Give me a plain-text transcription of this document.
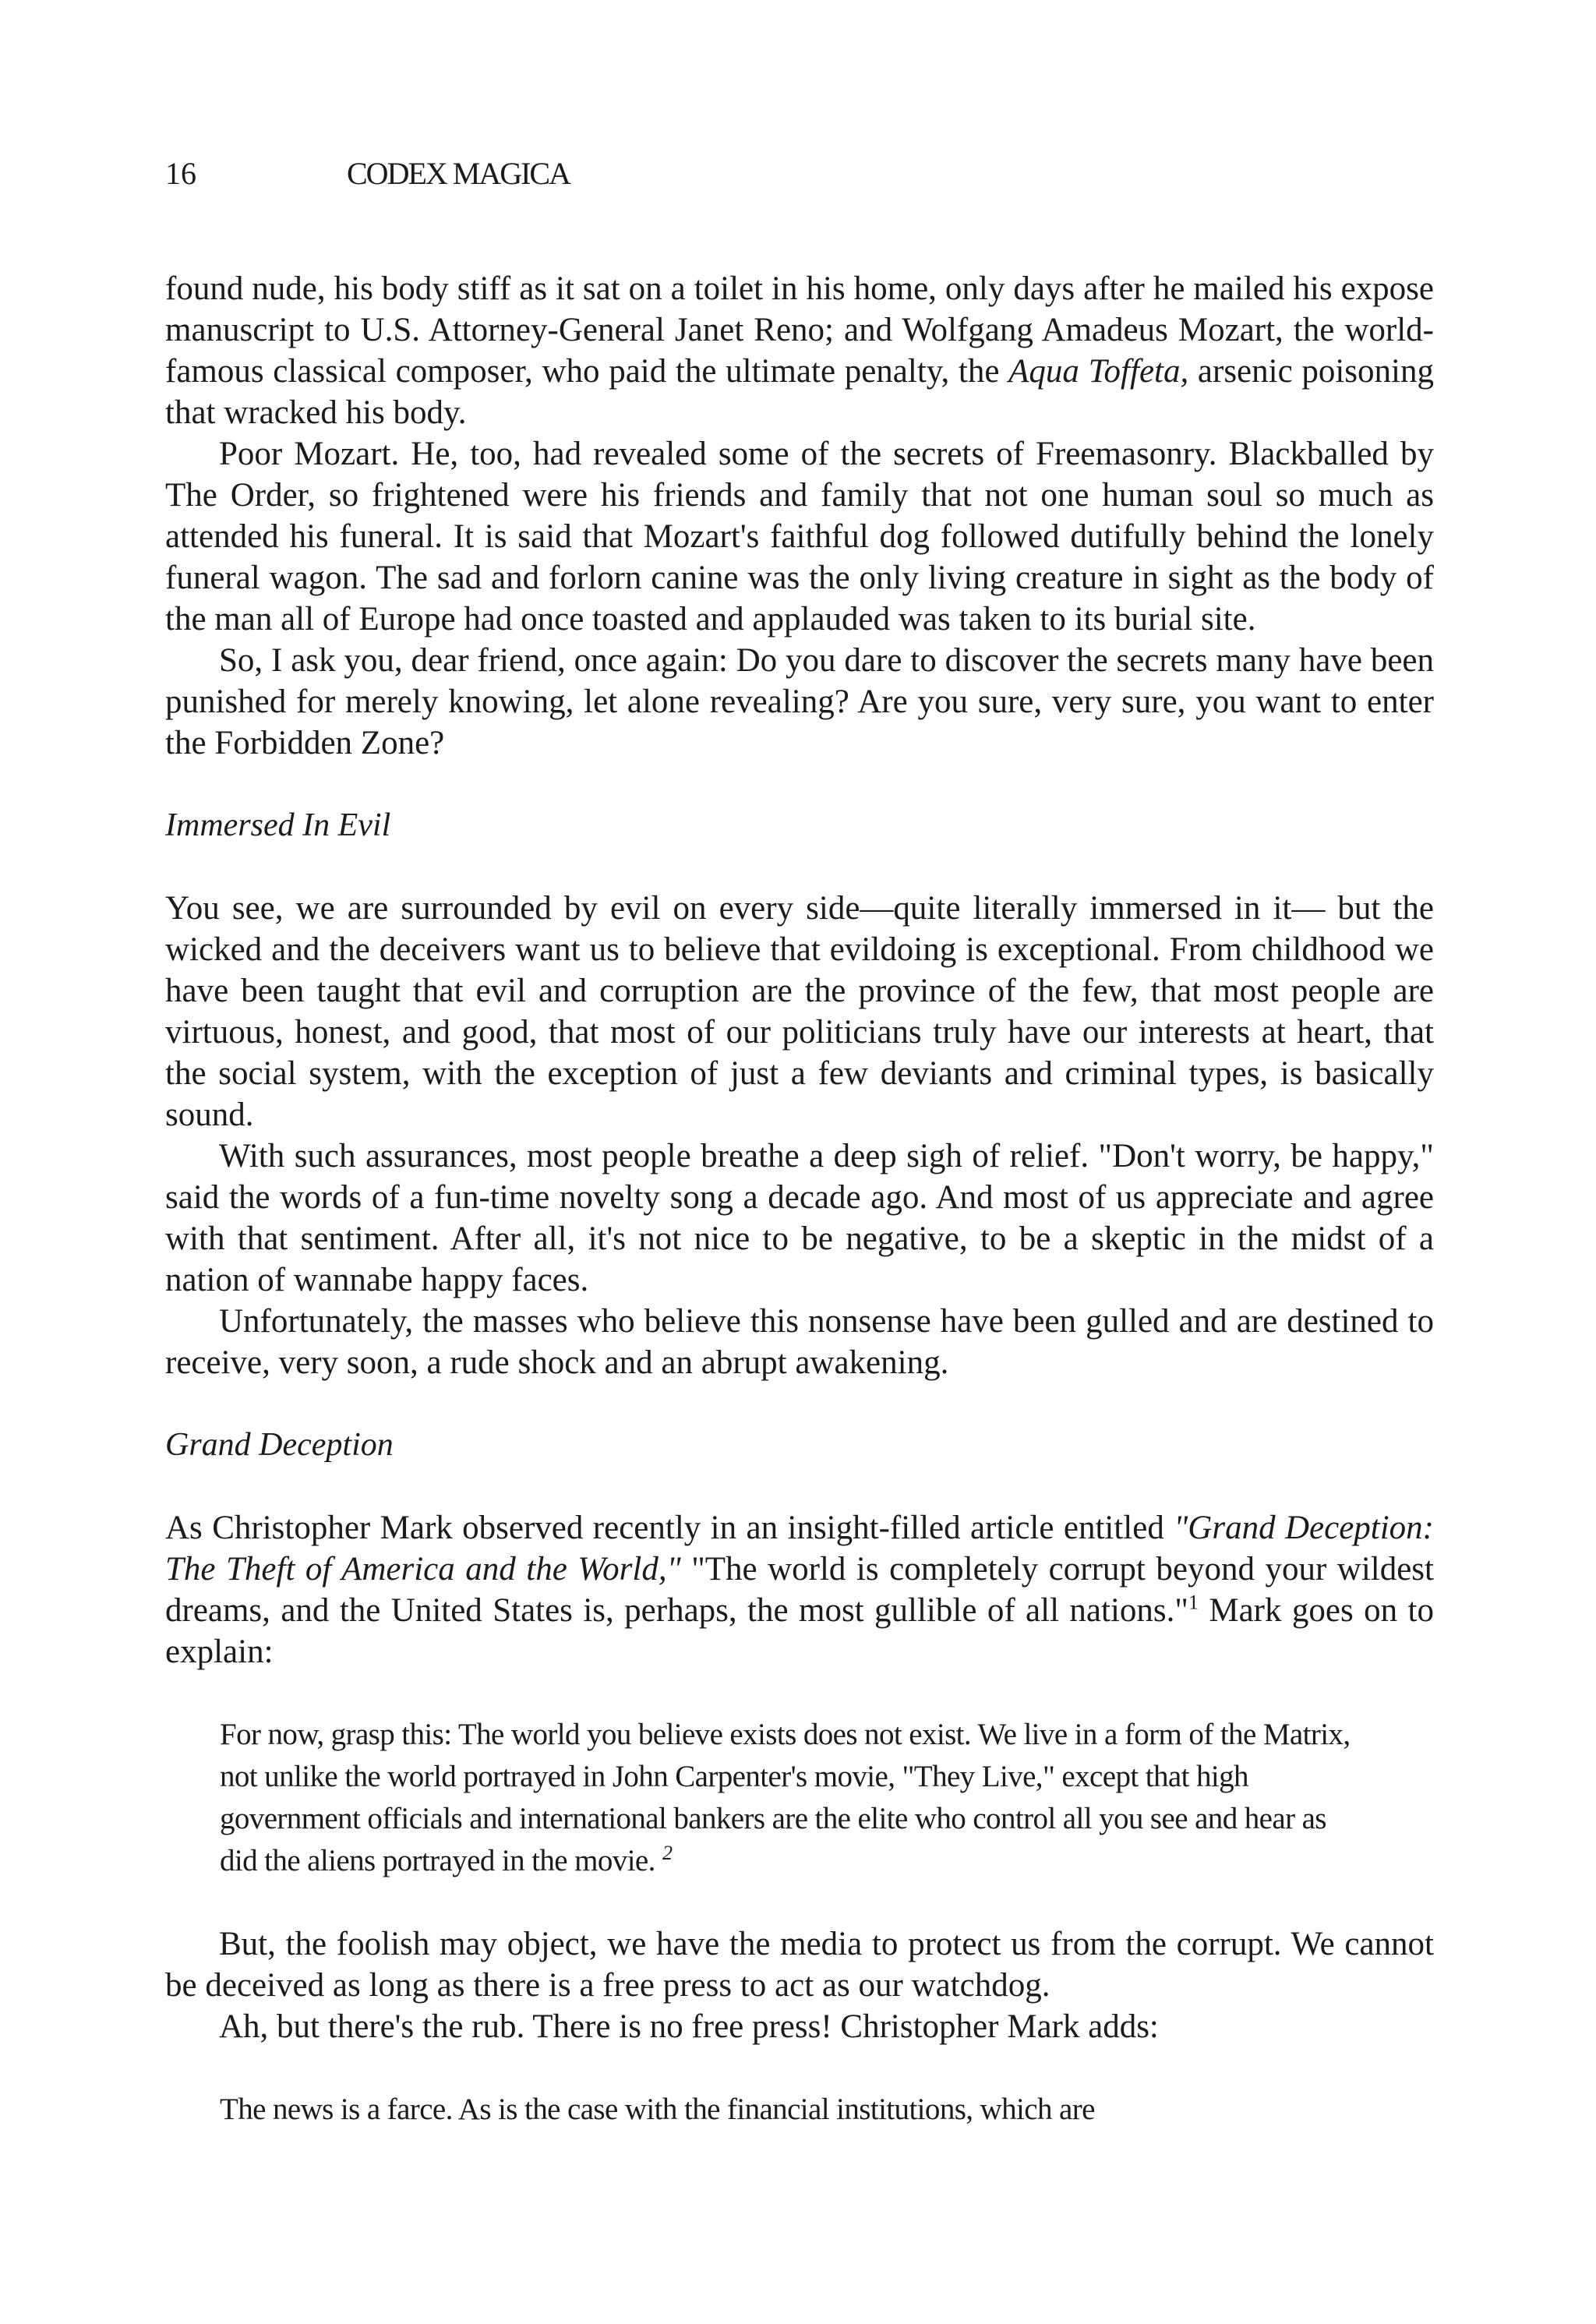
16	CODEX MAGICA

found nude, his body stiff as it sat on a toilet in his home, only days after he mailed his expose manuscript to U.S. Attorney-General Janet Reno; and Wolfgang Amadeus Mozart, the world-famous classical composer, who paid the ultimate penalty, the Aqua Toffeta, arsenic poisoning that wracked his body.

Poor Mozart. He, too, had revealed some of the secrets of Freemasonry. Blackballed by The Order, so frightened were his friends and family that not one human soul so much as attended his funeral. It is said that Mozart's faithful dog followed dutifully behind the lonely funeral wagon. The sad and forlorn canine was the only living creature in sight as the body of the man all of Europe had once toasted and applauded was taken to its burial site.

So, I ask you, dear friend, once again: Do you dare to discover the secrets many have been punished for merely knowing, let alone revealing? Are you sure, very sure, you want to enter the Forbidden Zone?

Immersed In Evil

You see, we are surrounded by evil on every side—quite literally immersed in it— but the wicked and the deceivers want us to believe that evildoing is exceptional. From childhood we have been taught that evil and corruption are the province of the few, that most people are virtuous, honest, and good, that most of our politicians truly have our interests at heart, that the social system, with the exception of just a few deviants and criminal types, is basically sound.

With such assurances, most people breathe a deep sigh of relief. "Don't worry, be happy," said the words of a fun-time novelty song a decade ago. And most of us appreciate and agree with that sentiment. After all, it's not nice to be negative, to be a skeptic in the midst of a nation of wannabe happy faces.

Unfortunately, the masses who believe this nonsense have been gulled and are destined to receive, very soon, a rude shock and an abrupt awakening.

Grand Deception

As Christopher Mark observed recently in an insight-filled article entitled "Grand Deception: The Theft of America and the World," "The world is completely corrupt beyond your wildest dreams, and the United States is, perhaps, the most gullible of all nations."$^1$ Mark goes on to explain:

For now, grasp this: The world you believe exists does not exist. We live in a form of the Matrix, not unlike the world portrayed in John Carpenter's movie, "They Live," except that high government officials and international bankers are the elite who control all you see and hear as did the aliens portrayed in the movie. $^2$

But, the foolish may object, we have the media to protect us from the corrupt. We cannot be deceived as long as there is a free press to act as our watchdog.

Ah, but there's the rub. There is no free press! Christopher Mark adds:

The news is a farce. As is the case with the financial institutions, which are
